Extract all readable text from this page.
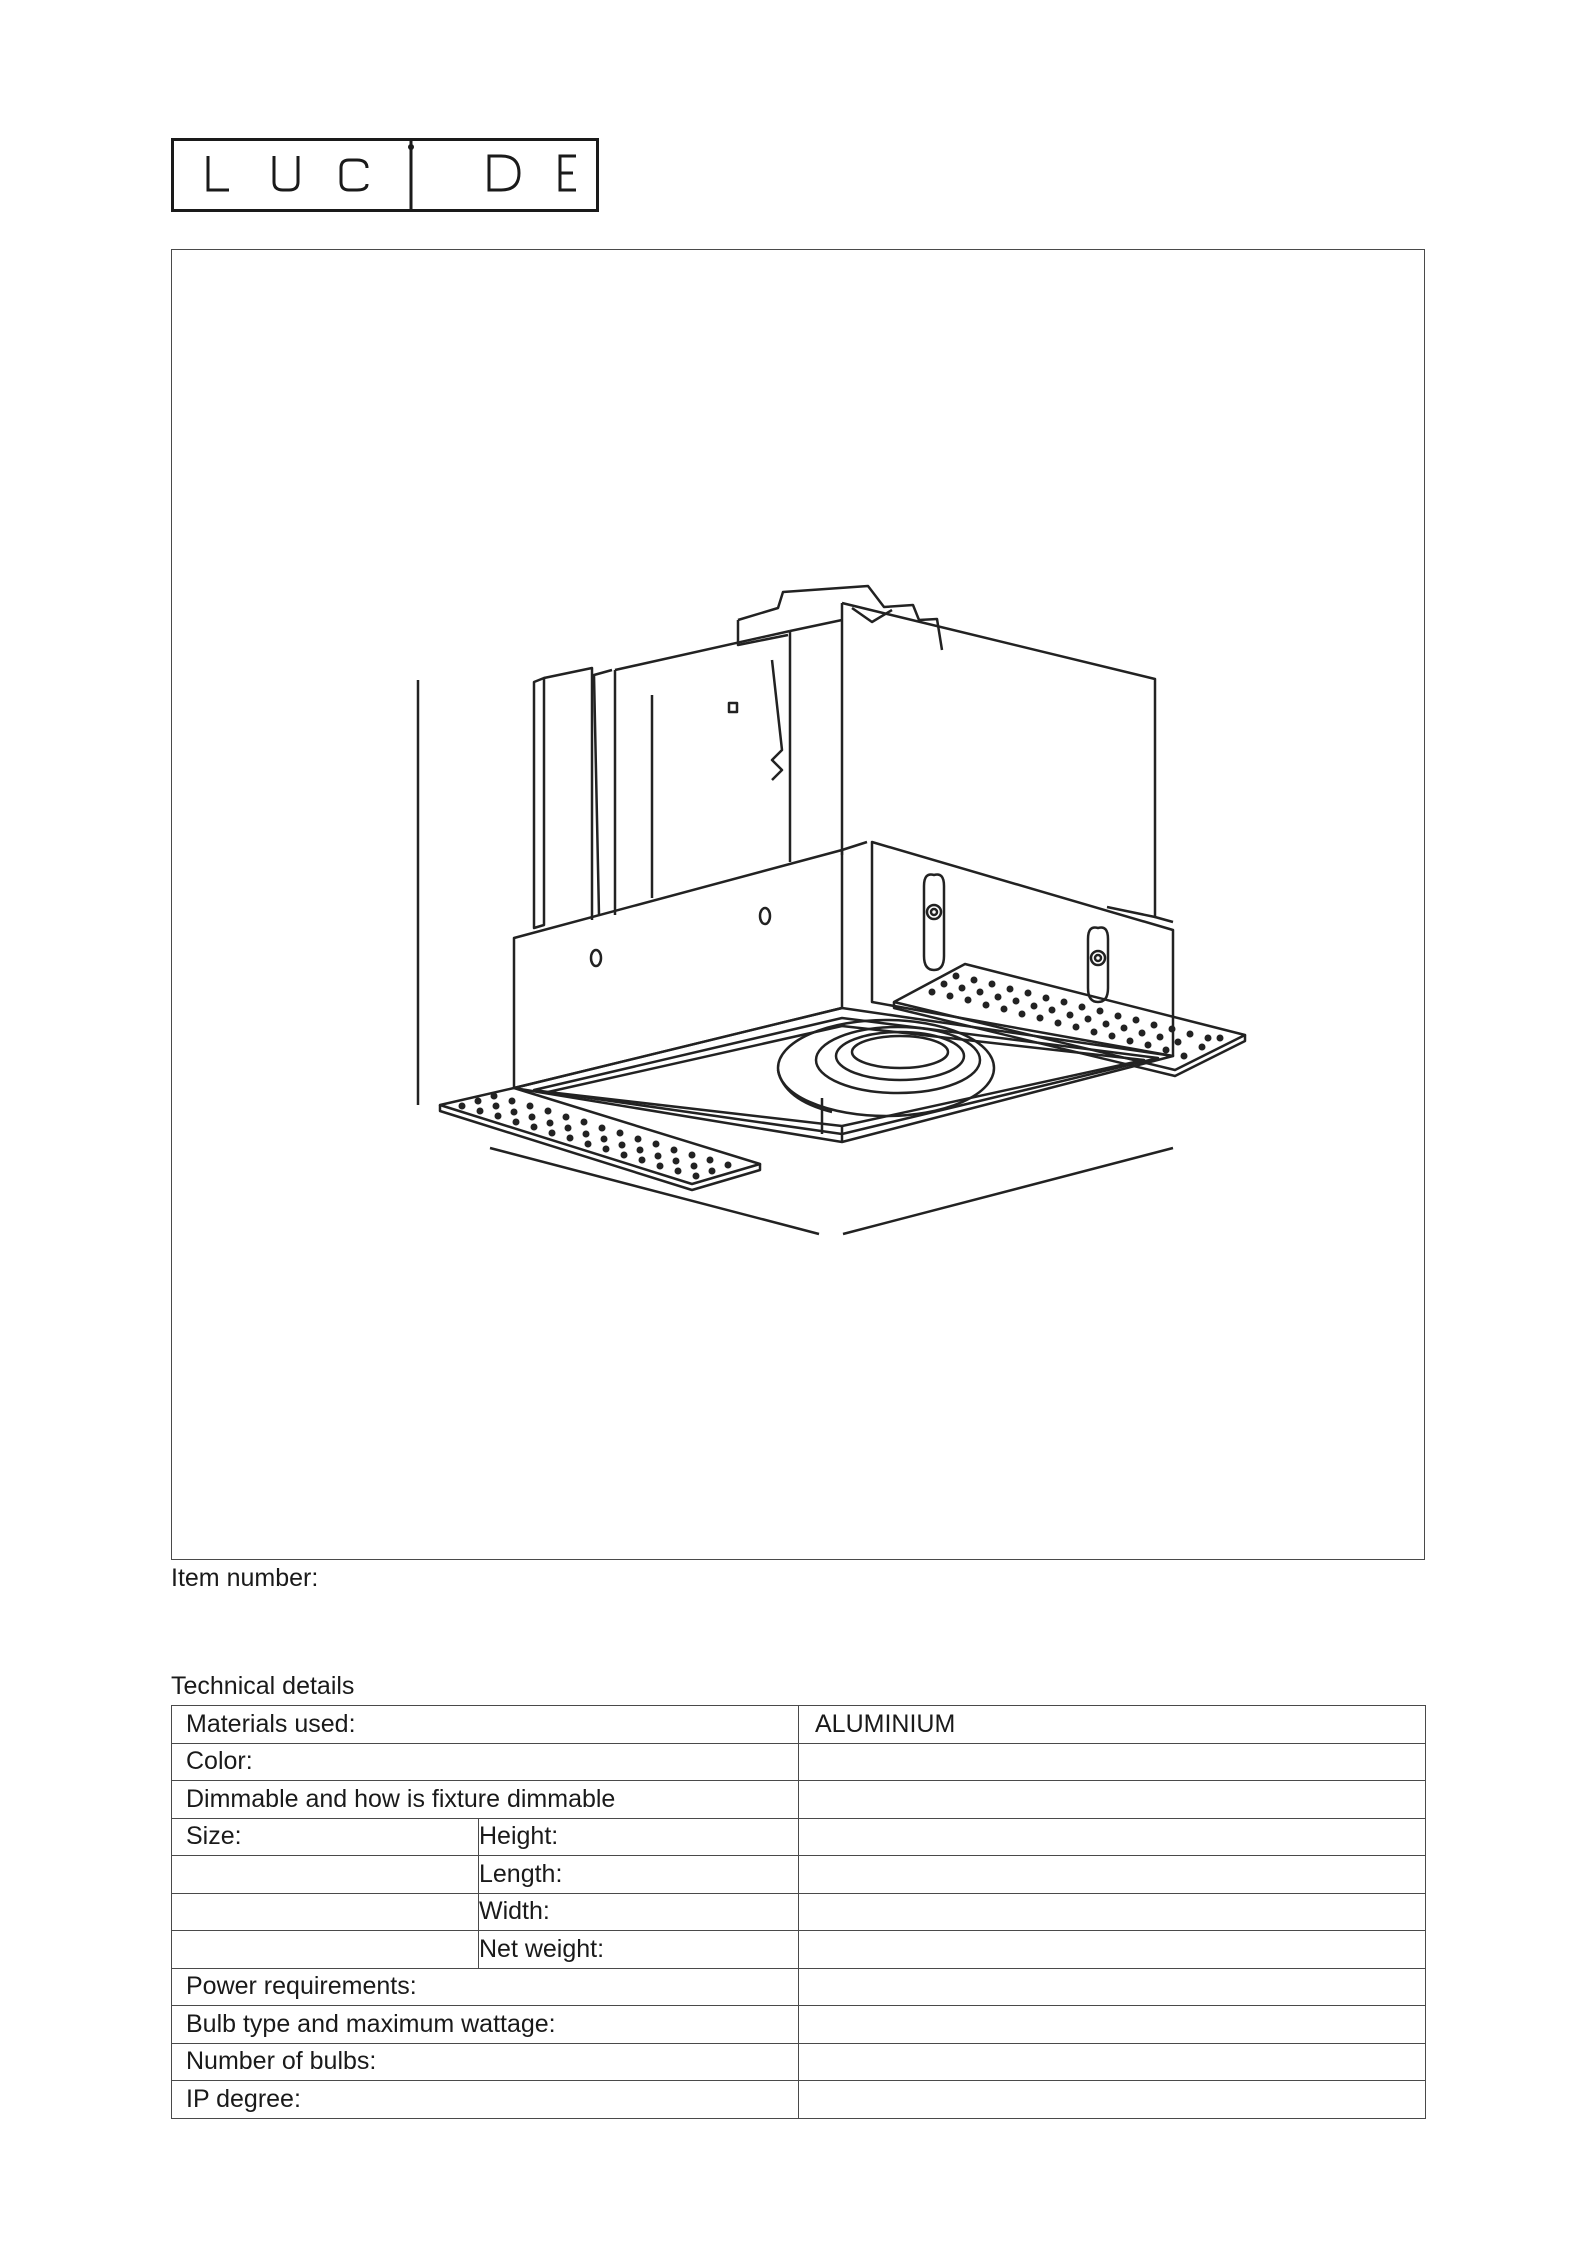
Item number:
Technical details
Materials used:		ALUMINIUM
Color:		
Dimmable and how is fixture dimmable		
Size:	Height:	
	Length:	
	Width:	
	Net weight:	
Power requirements:		
Bulb type and maximum wattage:		
Number of bulbs:		
IP degree:		
